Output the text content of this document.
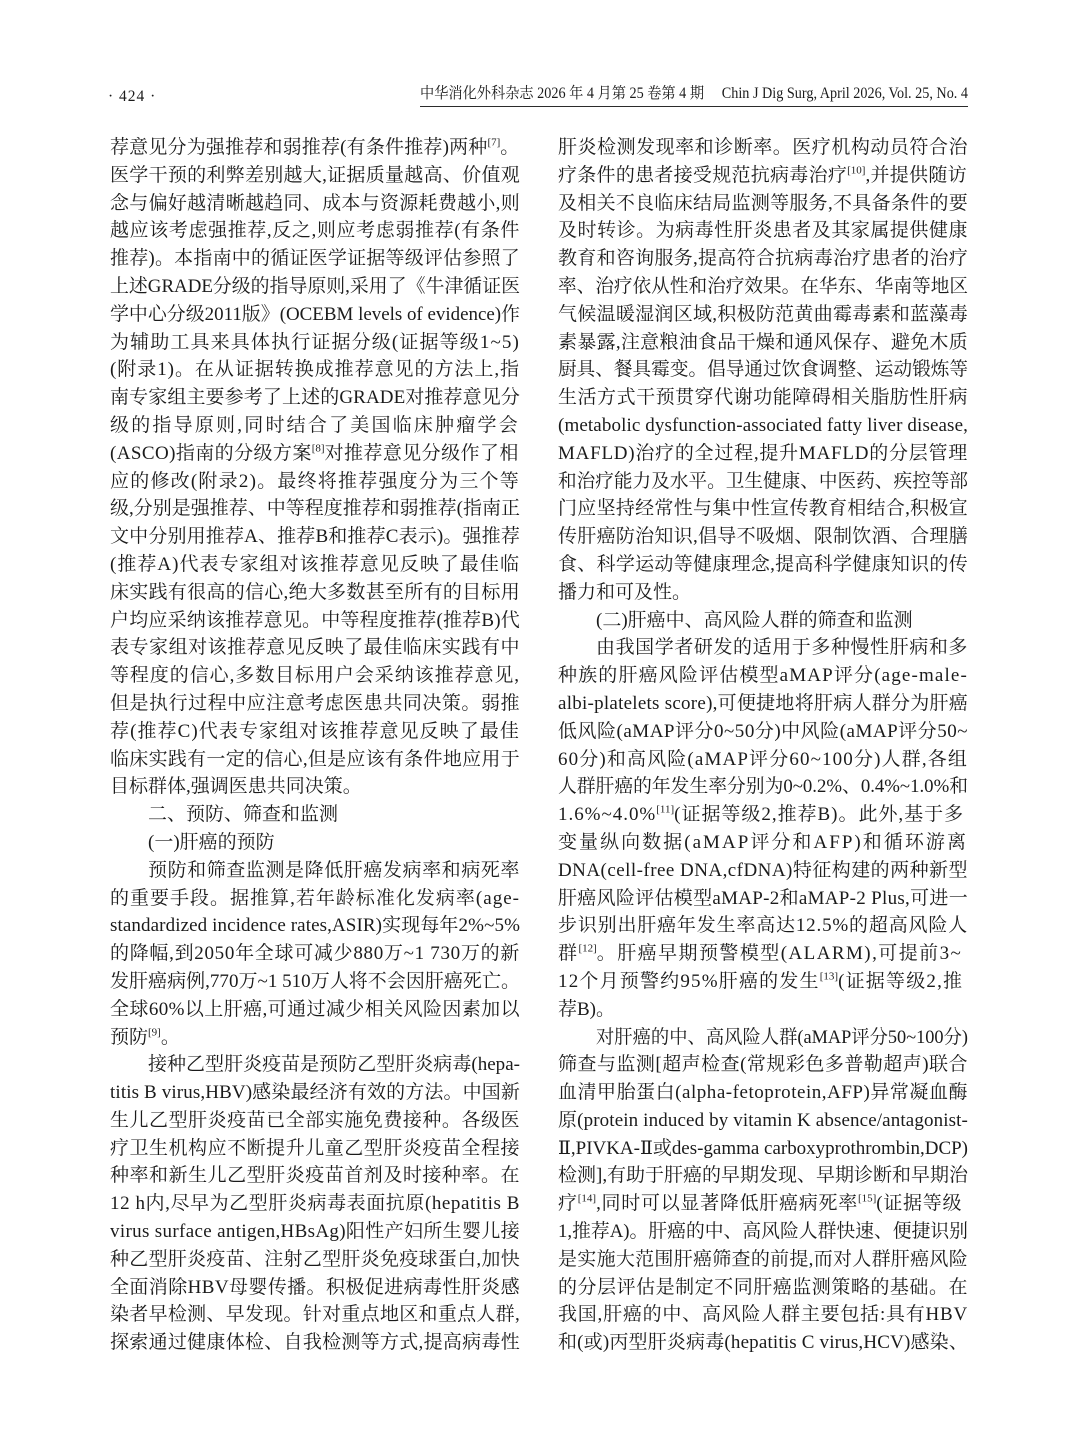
· 424 ·	中华消化外科杂志 2026 年 4 月第 25 卷第 4 期　 Chin J Dig Surg, April 2026, Vol. 25, No. 4
荐意见分为强推荐和弱推荐(有条件推荐)两种[7]。
医学干预的利弊差别越大,证据质量越高、价值观
念与偏好越清晰越趋同、成本与资源耗费越小,则
越应该考虑强推荐,反之,则应考虑弱推荐(有条件
推荐)。本指南中的循证医学证据等级评估参照了
上述GRADE分级的指导原则,采用了《牛津循证医
学中心分级2011版》(OCEBM levels of evidence)作
为辅助工具来具体执行证据分级(证据等级1~5)
(附录1)。在从证据转换成推荐意见的方法上,指
南专家组主要参考了上述的GRADE对推荐意见分
级的指导原则,同时结合了美国临床肿瘤学会
(ASCO)指南的分级方案[8]对推荐意见分级作了相
应的修改(附录2)。最终将推荐强度分为三个等
级,分别是强推荐、中等程度推荐和弱推荐(指南正
文中分别用推荐A、推荐B和推荐C表示)。强推荐
(推荐A)代表专家组对该推荐意见反映了最佳临
床实践有很高的信心,绝大多数甚至所有的目标用
户均应采纳该推荐意见。中等程度推荐(推荐B)代
表专家组对该推荐意见反映了最佳临床实践有中
等程度的信心,多数目标用户会采纳该推荐意见,
但是执行过程中应注意考虑医患共同决策。弱推
荐(推荐C)代表专家组对该推荐意见反映了最佳
临床实践有一定的信心,但是应该有条件地应用于
目标群体,强调医患共同决策。
二、预防、筛查和监测
(一)肝癌的预防
预防和筛查监测是降低肝癌发病率和病死率
的重要手段。据推算,若年龄标准化发病率(age-
standardized incidence rates,ASIR)实现每年2%~5%
的降幅,到2050年全球可减少880万~1 730万的新
发肝癌病例,770万~1 510万人将不会因肝癌死亡。
全球60%以上肝癌,可通过减少相关风险因素加以
预防[9]。
接种乙型肝炎疫苗是预防乙型肝炎病毒(hepa-
titis B virus,HBV)感染最经济有效的方法。中国新
生儿乙型肝炎疫苗已全部实施免费接种。各级医
疗卫生机构应不断提升儿童乙型肝炎疫苗全程接
种率和新生儿乙型肝炎疫苗首剂及时接种率。在
12 h内,尽早为乙型肝炎病毒表面抗原(hepatitis B
virus surface antigen,HBsAg)阳性产妇所生婴儿接
种乙型肝炎疫苗、注射乙型肝炎免疫球蛋白,加快
全面消除HBV母婴传播。积极促进病毒性肝炎感
染者早检测、早发现。针对重点地区和重点人群,
探索通过健康体检、自我检测等方式,提高病毒性
肝炎检测发现率和诊断率。医疗机构动员符合治
疗条件的患者接受规范抗病毒治疗[10],并提供随访
及相关不良临床结局监测等服务,不具备条件的要
及时转诊。为病毒性肝炎患者及其家属提供健康
教育和咨询服务,提高符合抗病毒治疗患者的治疗
率、治疗依从性和治疗效果。在华东、华南等地区
气候温暖湿润区域,积极防范黄曲霉毒素和蓝藻毒
素暴露,注意粮油食品干燥和通风保存、避免木质
厨具、餐具霉变。倡导通过饮食调整、运动锻炼等
生活方式干预贯穿代谢功能障碍相关脂肪性肝病
(metabolic dysfunction-associated fatty liver disease,
MAFLD)治疗的全过程,提升MAFLD的分层管理
和治疗能力及水平。卫生健康、中医药、疾控等部
门应坚持经常性与集中性宣传教育相结合,积极宣
传肝癌防治知识,倡导不吸烟、限制饮酒、合理膳
食、科学运动等健康理念,提高科学健康知识的传
播力和可及性。
(二)肝癌中、高风险人群的筛查和监测
由我国学者研发的适用于多种慢性肝病和多
种族的肝癌风险评估模型aMAP评分(age-male-
albi-platelets score),可便捷地将肝病人群分为肝癌
低风险(aMAP评分0~50分)中风险(aMAP评分50~
60分)和高风险(aMAP评分60~100分)人群,各组
人群肝癌的年发生率分别为0~0.2%、0.4%~1.0%和
1.6%~4.0%[11](证据等级2,推荐B)。此外,基于多
变量纵向数据(aMAP评分和AFP)和循环游离
DNA(cell-free DNA,cfDNA)特征构建的两种新型
肝癌风险评估模型aMAP-2和aMAP-2 Plus,可进一
步识别出肝癌年发生率高达12.5%的超高风险人
群[12]。肝癌早期预警模型(ALARM),可提前3~
12个月预警约95%肝癌的发生[13](证据等级2,推
荐B)。
对肝癌的中、高风险人群(aMAP评分50~100分)
筛查与监测[超声检查(常规彩色多普勒超声)联合
血清甲胎蛋白(alpha-fetoprotein,AFP)异常凝血酶
原(protein induced by vitamin K absence/antagonist-
Ⅱ,PIVKA-Ⅱ或des-gamma carboxyprothrombin,DCP)
检测],有助于肝癌的早期发现、早期诊断和早期治
疗[14],同时可以显著降低肝癌病死率[15](证据等级
1,推荐A)。肝癌的中、高风险人群快速、便捷识别
是实施大范围肝癌筛查的前提,而对人群肝癌风险
的分层评估是制定不同肝癌监测策略的基础。在
我国,肝癌的中、高风险人群主要包括:具有HBV
和(或)丙型肝炎病毒(hepatitis C virus,HCV)感染、
